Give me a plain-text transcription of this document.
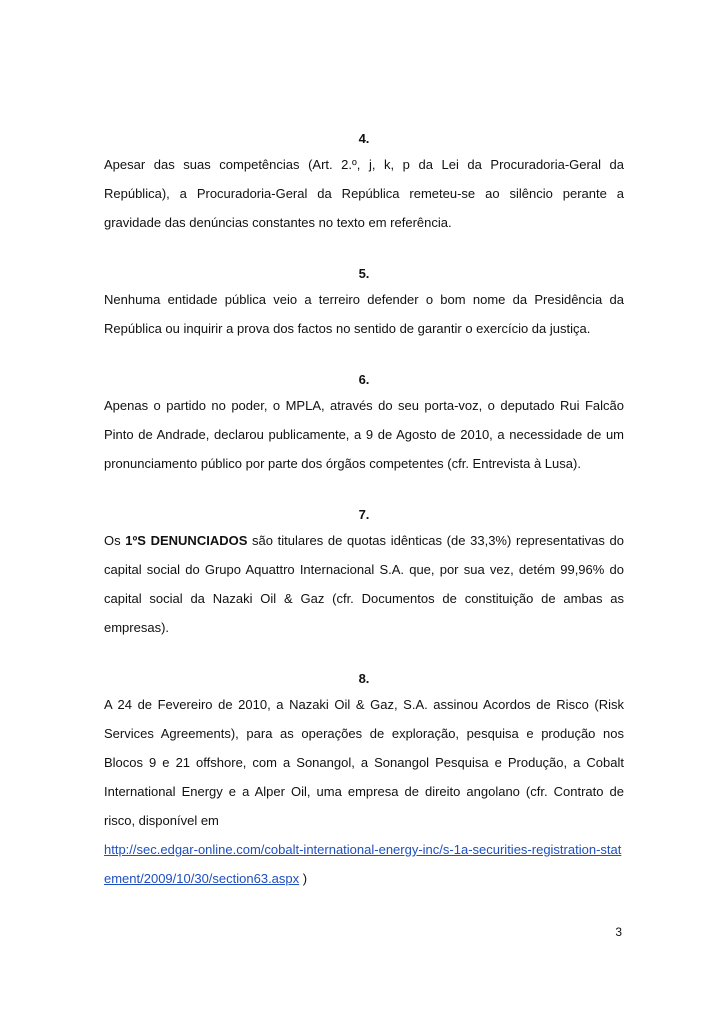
4.

Apesar das suas competências (Art. 2.º, j, k, p da Lei da Procuradoria-Geral da República), a Procuradoria-Geral da República remeteu-se ao silêncio perante a gravidade das denúncias constantes no texto em referência.

5.

Nenhuma entidade pública veio a terreiro defender o bom nome da Presidência da República ou inquirir a prova dos factos no sentido de garantir o exercício da justiça.

6.

Apenas o partido no poder, o MPLA, através do seu porta-voz, o deputado Rui Falcão Pinto de Andrade, declarou publicamente, a 9 de Agosto de 2010, a necessidade de um pronunciamento público por parte dos órgãos competentes (cfr. Entrevista à Lusa).

7.

Os 1ºS DENUNCIADOS são titulares de quotas idênticas (de 33,3%) representativas do capital social do Grupo Aquattro Internacional S.A. que, por sua vez, detém 99,96% do capital social da Nazaki Oil & Gaz (cfr. Documentos de constituição de ambas as empresas).

8.

A 24 de Fevereiro de 2010, a Nazaki Oil & Gaz, S.A. assinou Acordos de Risco (Risk Services Agreements), para as operações de exploração, pesquisa e produção nos Blocos 9 e 21 offshore, com a Sonangol, a Sonangol Pesquisa e Produção, a Cobalt International Energy e a Alper Oil, uma empresa de direito angolano (cfr. Contrato de risco, disponível em
http://sec.edgar-online.com/cobalt-international-energy-inc/s-1a-securities-registration-statement/2009/10/30/section63.aspx )

3
